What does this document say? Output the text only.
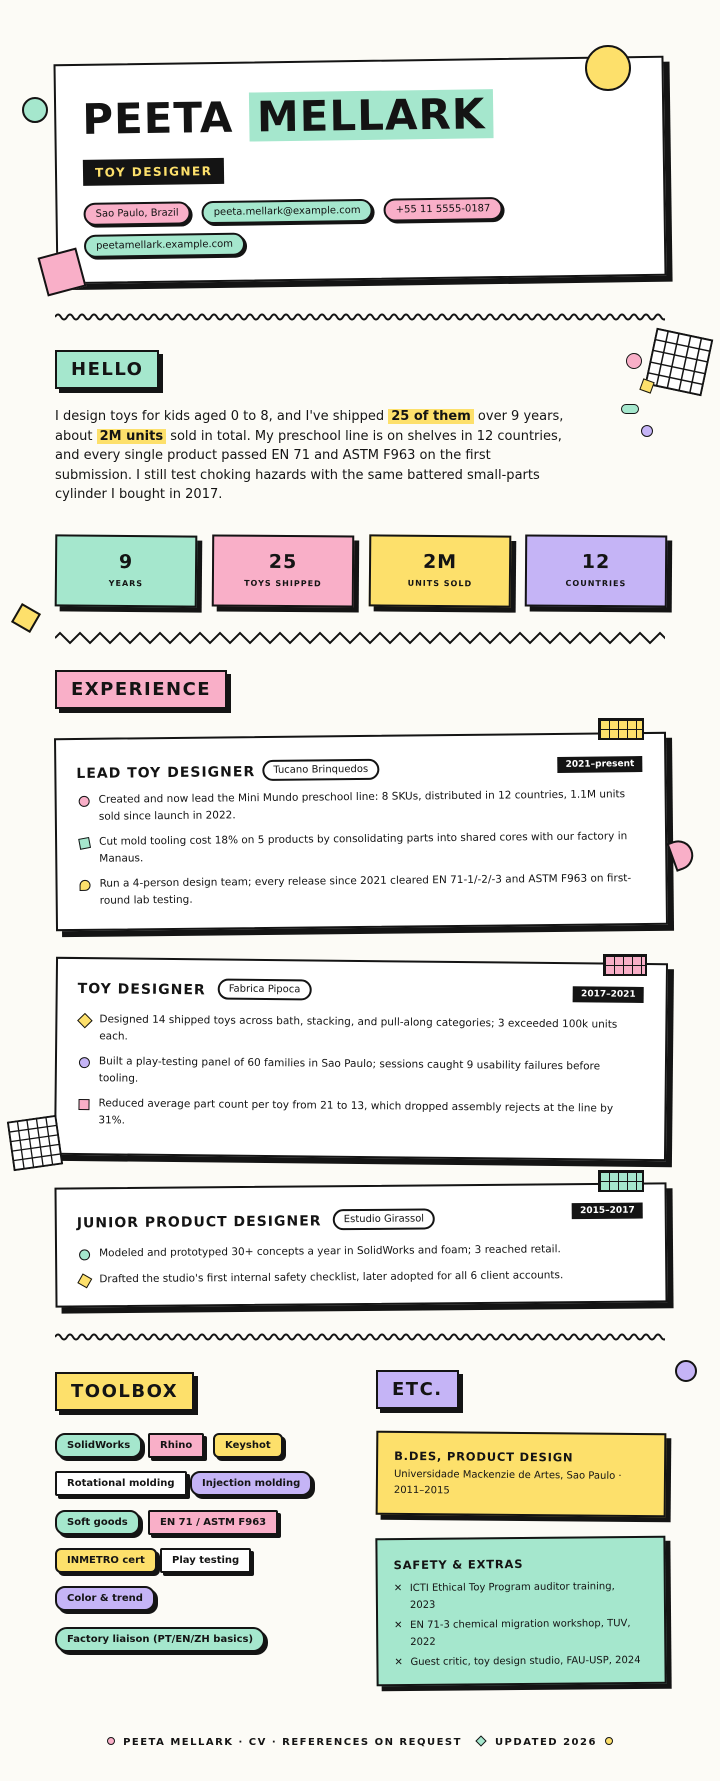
PEETA MELLARK
TOY DESIGNER
Sao Paulo, Brazil	peeta.mellark@example.com	+55 11 5555-0187
peetamellark.example.com
HELLO
I design toys for kids aged 0 to 8, and I've shipped 25 of them over 9 years,
about 2M units sold in total. My preschool line is on shelves in 12 countries,
and every single product passed EN 71 and ASTM F963 on the first
submission. I still test choking hazards with the same battered small-parts
cylinder I bought in 2017.
9
YEARS
25
TOYS SHIPPED
2M
UNITS SOLD
12
COUNTRIES
EXPERIENCE
LEAD TOY DESIGNER	Tucano Brinquedos	2021–present
Created and now lead the Mini Mundo preschool line: 8 SKUs, distributed in 12 countries, 1.1M units sold since launch in 2022.
Cut mold tooling cost 18% on 5 products by consolidating parts into shared cores with our factory in Manaus.
Run a 4-person design team; every release since 2021 cleared EN 71-1/-2/-3 and ASTM F963 on first-round lab testing.
TOY DESIGNER	Fabrica Pipoca	2017–2021
Designed 14 shipped toys across bath, stacking, and pull-along categories; 3 exceeded 100k units each.
Built a play-testing panel of 60 families in Sao Paulo; sessions caught 9 usability failures before tooling.
Reduced average part count per toy from 21 to 13, which dropped assembly rejects at the line by 31%.
JUNIOR PRODUCT DESIGNER	Estudio Girassol
2015–2017
Modeled and prototyped 30+ concepts a year in SolidWorks and foam; 3 reached retail.
Drafted the studio's first internal safety checklist, later adopted for all 6 client accounts.
TOOLBOX
SolidWorks	Rhino	Keyshot
Rotational molding	Injection molding
Soft goods	EN 71 / ASTM F963
INMETRO cert	Play testing
Color & trend
Factory liaison (PT/EN/ZH basics)
ETC.
B.DES, PRODUCT DESIGN
Universidade Mackenzie de Artes, Sao Paulo ·
2011–2015
SAFETY & EXTRAS
✕ ICTI Ethical Toy Program auditor training,
2023
✕ EN 71-3 chemical migration workshop, TUV,
2022
✕ Guest critic, toy design studio, FAU-USP, 2024
PEETA MELLARK · CV · REFERENCES ON REQUEST	UPDATED 2026
